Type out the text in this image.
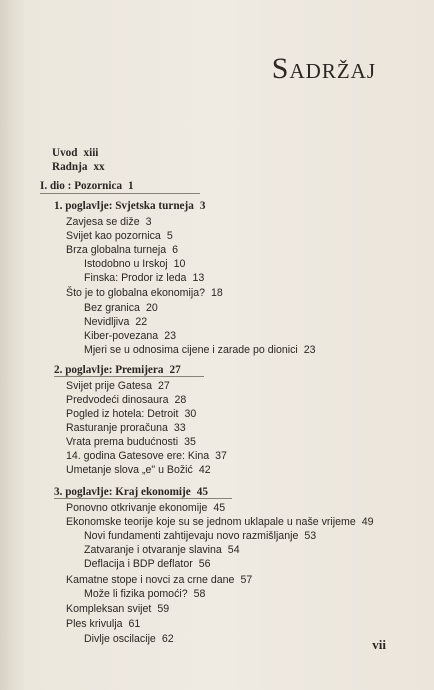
Sadržaj
Uvod xiii
Radnja xx
I. dio : Pozornica 1
1. poglavlje: Svjetska turneja 3
Zavjesa se diže 3
Svijet kao pozornica 5
Brza globalna turneja 6
Istodobno u Irskoj 10
Finska: Prodor iz leda 13
Što je to globalna ekonomija? 18
Bez granica 20
Nevidljiva 22
Kiber-povezana 23
Mjeri se u odnosima cijene i zarade po dionici 23
2. poglavlje: Premijera 27
Svijet prije Gatesa 27
Predvodeći dinosaura 28
Pogled iz hotela: Detroit 30
Rasturanje proračuna 33
Vrata prema budućnosti 35
14. godina Gatesove ere: Kina 37
Umetanje slova „e" u Božić 42
3. poglavlje: Kraj ekonomije 45
Ponovno otkrivanje ekonomije 45
Ekonomske teorije koje su se jednom uklapale u naše vrijeme 49
Novi fundamenti zahtijevaju novo razmišljanje 53
Zatvaranje i otvaranje slavina 54
Deflacija i BDP deflator 56
Kamatne stope i novci za crne dane 57
Može li fizika pomoći? 58
Kompleksan svijet 59
Ples krivulja 61
Divlje oscilacije 62	vii
